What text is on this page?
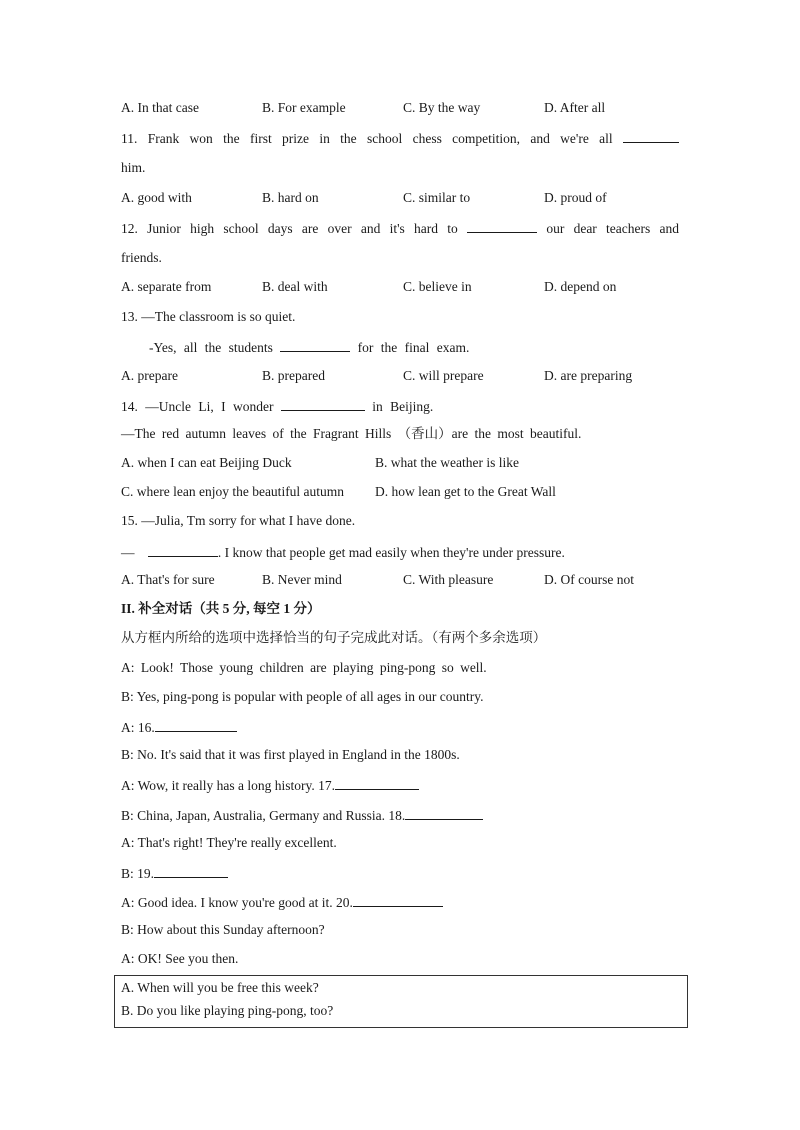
A. In that case	B. For example	C. By the way	D. After all
11. Frank won the first prize in the school chess competition, and we're all
him.
A. good with	B. hard on	C. similar to	D. proud of
12. Junior high school days are over and it's hard to	our dear teachers and
friends.
A. separate from	B. deal with	C. believe in	D. depend on
13. —The classroom is so quiet.
-Yes, all the students	for the final exam.
A. prepare	B. prepared	C. will prepare	D. are preparing
14. —Uncle Li, I wonder	in Beijing.
—The red autumn leaves of the Fragrant Hills （香山）are the most beautiful.
A. when I can eat Beijing Duck	B. what the weather is like
C. where lean enjoy the beautiful autumn D. how lean get to the Great Wall
15. —Julia, Tm sorry for what I have done.
—	. I know that people get mad easily when they're under pressure.
A. That's for sure	B. Never mind	C. With pleasure	D. Of course not
II. 补全对话（共 5 分, 每空 1 分）
从方框内所给的选项中选择恰当的句子完成此对话。（有两个多余选项）
A: Look! Those young children are playing ping-pong so well.
B: Yes, ping-pong is popular with people of all ages in our country.
A: 16.
B: No. It's said that it was first played in England in the 1800s.
A: Wow, it really has a long history. 17.
B: China, Japan, Australia, Germany and Russia. 18.
A: That's right! They're really excellent.
B: 19.
A: Good idea. I know you're good at it. 20.
B: How about this Sunday afternoon?
A: OK! See you then.
A. When will you be free this week?
B. Do you like playing ping-pong, too?
